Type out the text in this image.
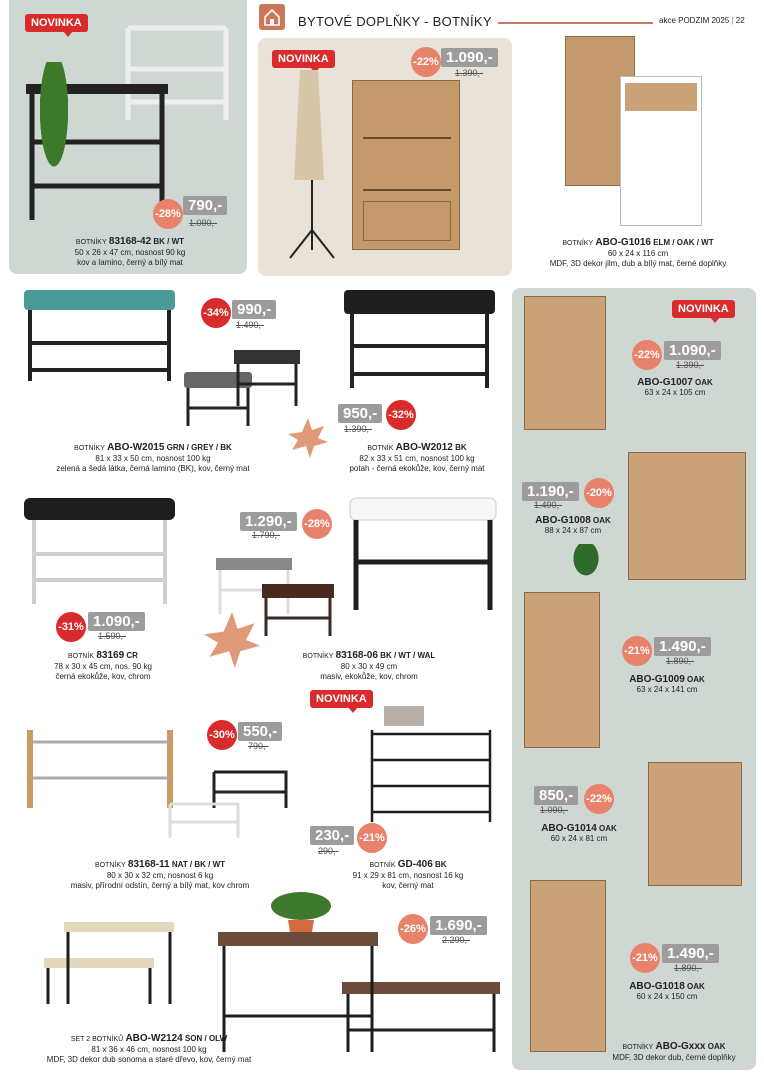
BYTOVÉ DOPLŇKY - BOTNÍKY	akce PODZIM 2025 | 22
NOVINKA
-28% 790,-
1.090,-
BOTNÍKY 83168-42 BK / WT
50 x 26 x 47 cm, nosnost 90 kg
kov a lamino, černý a bílý mat
NOVINKA	-22% 1.090,-
1.390,-
BOTNÍKY ABO-G1016 ELM / OAK / WT
60 x 24 x 116 cm
MDF, 3D dekor jilm, dub a bílý mat, černé doplňky
-34% 990,-
1.490,-
BOTNÍKY ABO-W2015 GRN / GREY / BK
81 x 33 x 50 cm, nosnost 100 kg
zelená a šedá látka, černá lamino (BK), kov, černý mat
950,- -32%
1.390,-
BOTNÍK ABO-W2012 BK
82 x 33 x 51 cm, nosnost 100 kg
potah - černá ekokůže, kov, černý mat
NOVINKA
-22% 1.090,-
1.390,-
ABO-G1007 OAK
63 x 24 x 105 cm
1.190,-	-20%
1.490,-
ABO-G1008 OAK
88 x 24 x 87 cm
-31% 1.090,-
1.590,-
BOTNÍK 83169 CR
78 x 30 x 45 cm, nos. 90 kg
černá ekokůže, kov, chrom
1.290,-	-28%
1.790,-
BOTNÍKY 83168-06 BK / WT / WAL
80 x 30 x 49 cm
masiv, ekokůže, kov, chrom
-21% 1.490,-
1.890,-
ABO-G1009 OAK
63 x 24 x 141 cm
-30% 550,-
790,-
BOTNÍKY 83168-11 NAT / BK / WT
80 x 30 x 32 cm, nosnost 6 kg
masiv, přírodní odstín, černý a bílý mat, kov chrom
NOVINKA
230,- -21%
290,-
BOTNÍK GD-406 BK
91 x 29 x 81 cm, nosnost 16 kg
kov, černý mat
850,-	-22%
1.090,-
ABO-G1014 OAK
60 x 24 x 81 cm
-26% 1.690,-
2.290,-
SET 2 BOTNÍKŮ ABO-W2124 SON / OLW
81 x 36 x 46 cm, nosnost 100 kg
MDF, 3D dekor dub sonoma a staré dřevo, kov, černý mat
-21% 1.490,-
1.890,-
ABO-G1018 OAK
60 x 24 x 150 cm
BOTNÍKY ABO-Gxxx OAK
MDF, 3D dekor dub, černé doplňky
